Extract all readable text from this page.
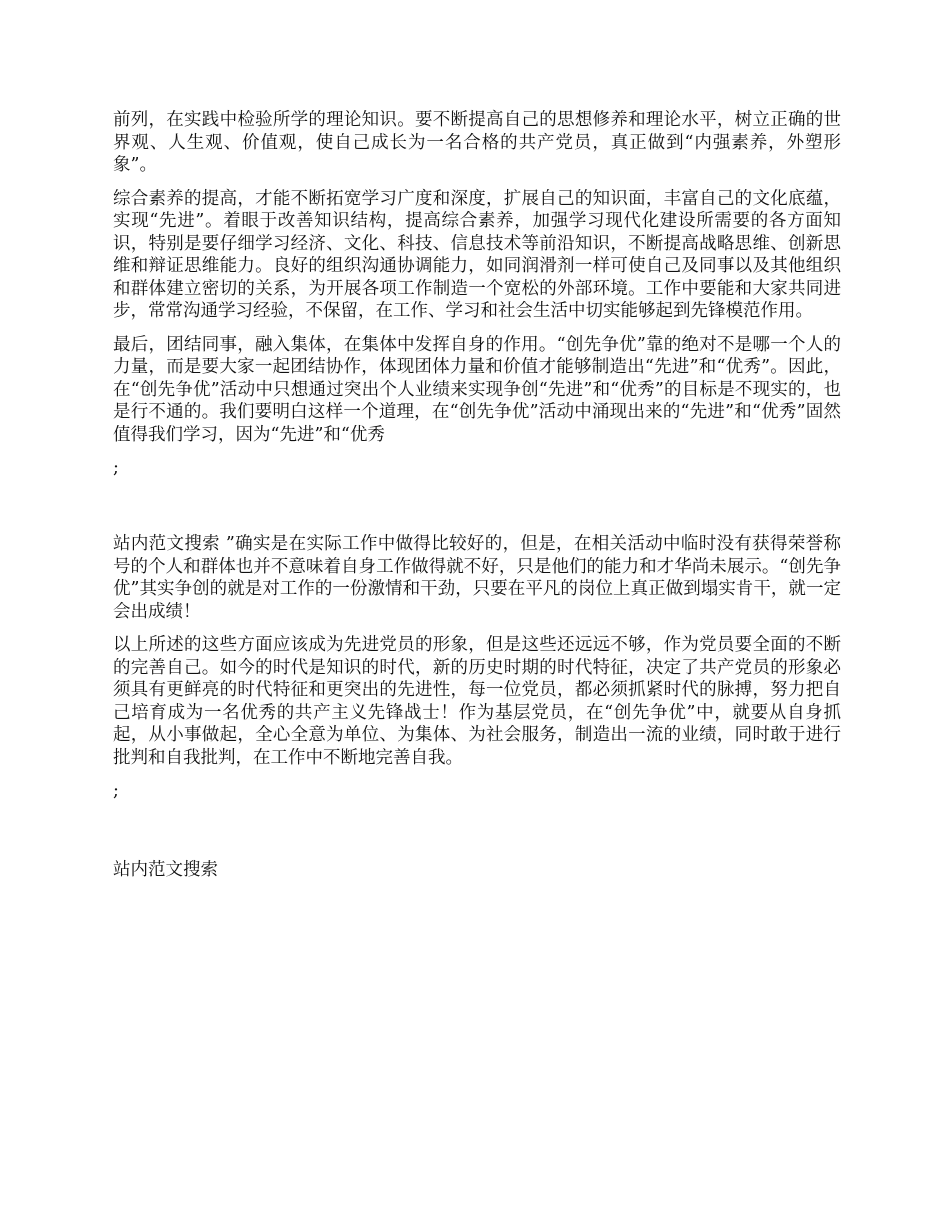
前列，在实践中检验所学的理论知识。要不断提高自己的思想修养和理论水平，树立正确的世界观、人生观、价值观，使自己成长为一名合格的共产党员，真正做到“内强素养，外塑形象”。

综合素养的提高，才能不断拓宽学习广度和深度，扩展自己的知识面，丰富自己的文化底蕴，实现“先进”。着眼于改善知识结构，提高综合素养，加强学习现代化建设所需要的各方面知识，特别是要仔细学习经济、文化、科技、信息技术等前沿知识，不断提高战略思维、创新思维和辩证思维能力。良好的组织沟通协调能力，如同润滑剂一样可使自己及同事以及其他组织和群体建立密切的关系，为开展各项工作制造一个宽松的外部环境。工作中要能和大家共同进步，常常沟通学习经验，不保留，在工作、学习和社会生活中切实能够起到先锋模范作用。

最后，团结同事，融入集体，在集体中发挥自身的作用。“创先争优”靠的绝对不是哪一个人的力量，而是要大家一起团结协作，体现团体力量和价值才能够制造出“先进”和“优秀”。因此，在“创先争优”活动中只想通过突出个人业绩来实现争创“先进”和“优秀”的目标是不现实的，也是行不通的。我们要明白这样一个道理，在“创先争优”活动中涌现出来的“先进”和“优秀”固然值得我们学习，因为“先进”和“优秀

;

站内范文搜索 ”确实是在实际工作中做得比较好的，但是，在相关活动中临时没有获得荣誉称号的个人和群体也并不意味着自身工作做得就不好，只是他们的能力和才华尚未展示。“创先争优”其实争创的就是对工作的一份激情和干劲，只要在平凡的岗位上真正做到塌实肯干，就一定会出成绩！

以上所述的这些方面应该成为先进党员的形象，但是这些还远远不够，作为党员要全面的不断的完善自己。如今的时代是知识的时代，新的历史时期的时代特征，决定了共产党员的形象必须具有更鲜亮的时代特征和更突出的先进性，每一位党员，都必须抓紧时代的脉搏，努力把自己培育成为一名优秀的共产主义先锋战士！作为基层党员，在“创先争优”中，就要从自身抓起，从小事做起，全心全意为单位、为集体、为社会服务，制造出一流的业绩，同时敢于进行批判和自我批判，在工作中不断地完善自我。

;

站内范文搜索
